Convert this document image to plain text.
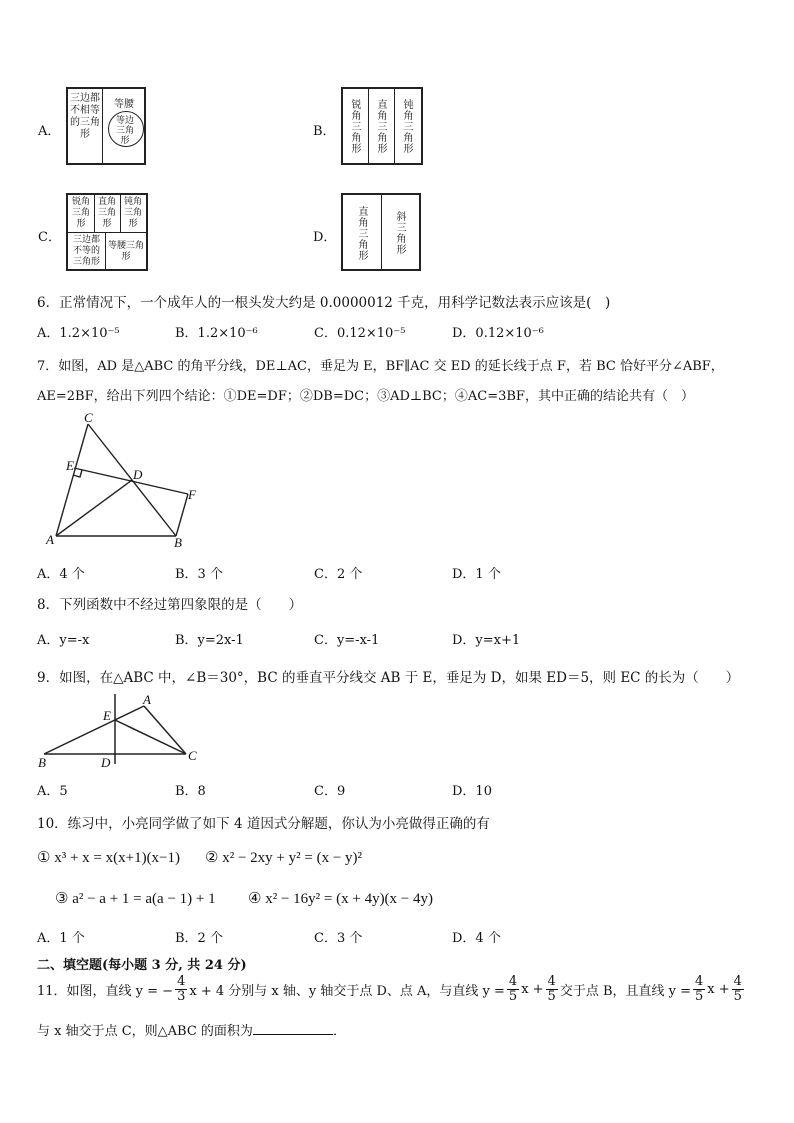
A．
三边都不相等的三角形
等腰
等边三角形
B． 锐角三角形 直角三角形 钝角三角形
C．
锐角三角形
直角三角形
钝角三角形
三边都不等的三角形
等腰三角形
D． 直角三角形	斜三角形
6．正常情况下，一个成年人的一根头发大约是 0.0000012 千克，用科学记数法表示应该是(　)
A．1.2×10⁻⁵	B．1.2×10⁻⁶	C．0.12×10⁻⁵	D．0.12×10⁻⁶
7．如图，AD 是△ABC 的角平分线，DE⊥AC，垂足为 E，BF∥AC 交 ED 的延长线于点 F，若 BC 恰好平分∠ABF，
AE=2BF，给出下列四个结论：①DE=DF；②DB=DC；③AD⊥BC；④AC=3BF，其中正确的结论共有（　）
C
E
D
F
A	B
A．4 个	B．3 个	C．2 个	D．1 个
8．下列函数中不经过第四象限的是（　　）
A．y=-x	B．y=2x-1	C．y=-x-1	D．y=x+1
9．如图，在△ABC 中，∠B＝30°，BC 的垂直平分线交 AB 于 E，垂足为 D，如果 ED＝5，则 EC 的长为（　　）
A
E
B	D	C
A．5	B．8	C．9	D．10
10．练习中，小亮同学做了如下 4 道因式分解题，你认为小亮做得正确的有
① x³ + x = x(x+1)(x−1) ② x² − 2xy + y² = (x − y)²
③ a² − a + 1 = a(a − 1) + 1 ④ x² − 16y² = (x + 4y)(x − 4y)
A．1 个	B．2 个	C．3 个	D．4 个
二、填空题(每小题 3 分, 共 24 分)
11．如图，直线 y = − $\frac{4}{3}$ x + 4 分别与 x 轴、y 轴交于点 D、点 A，与直线 $y = \frac{4}{5}$ $x + \frac{4}{5}$ 交于点 B，且直线 $y = \frac{4}{5}$ $x + \frac{4}{5}$
与 x 轴交于点 C，则△ABC 的面积为	．
